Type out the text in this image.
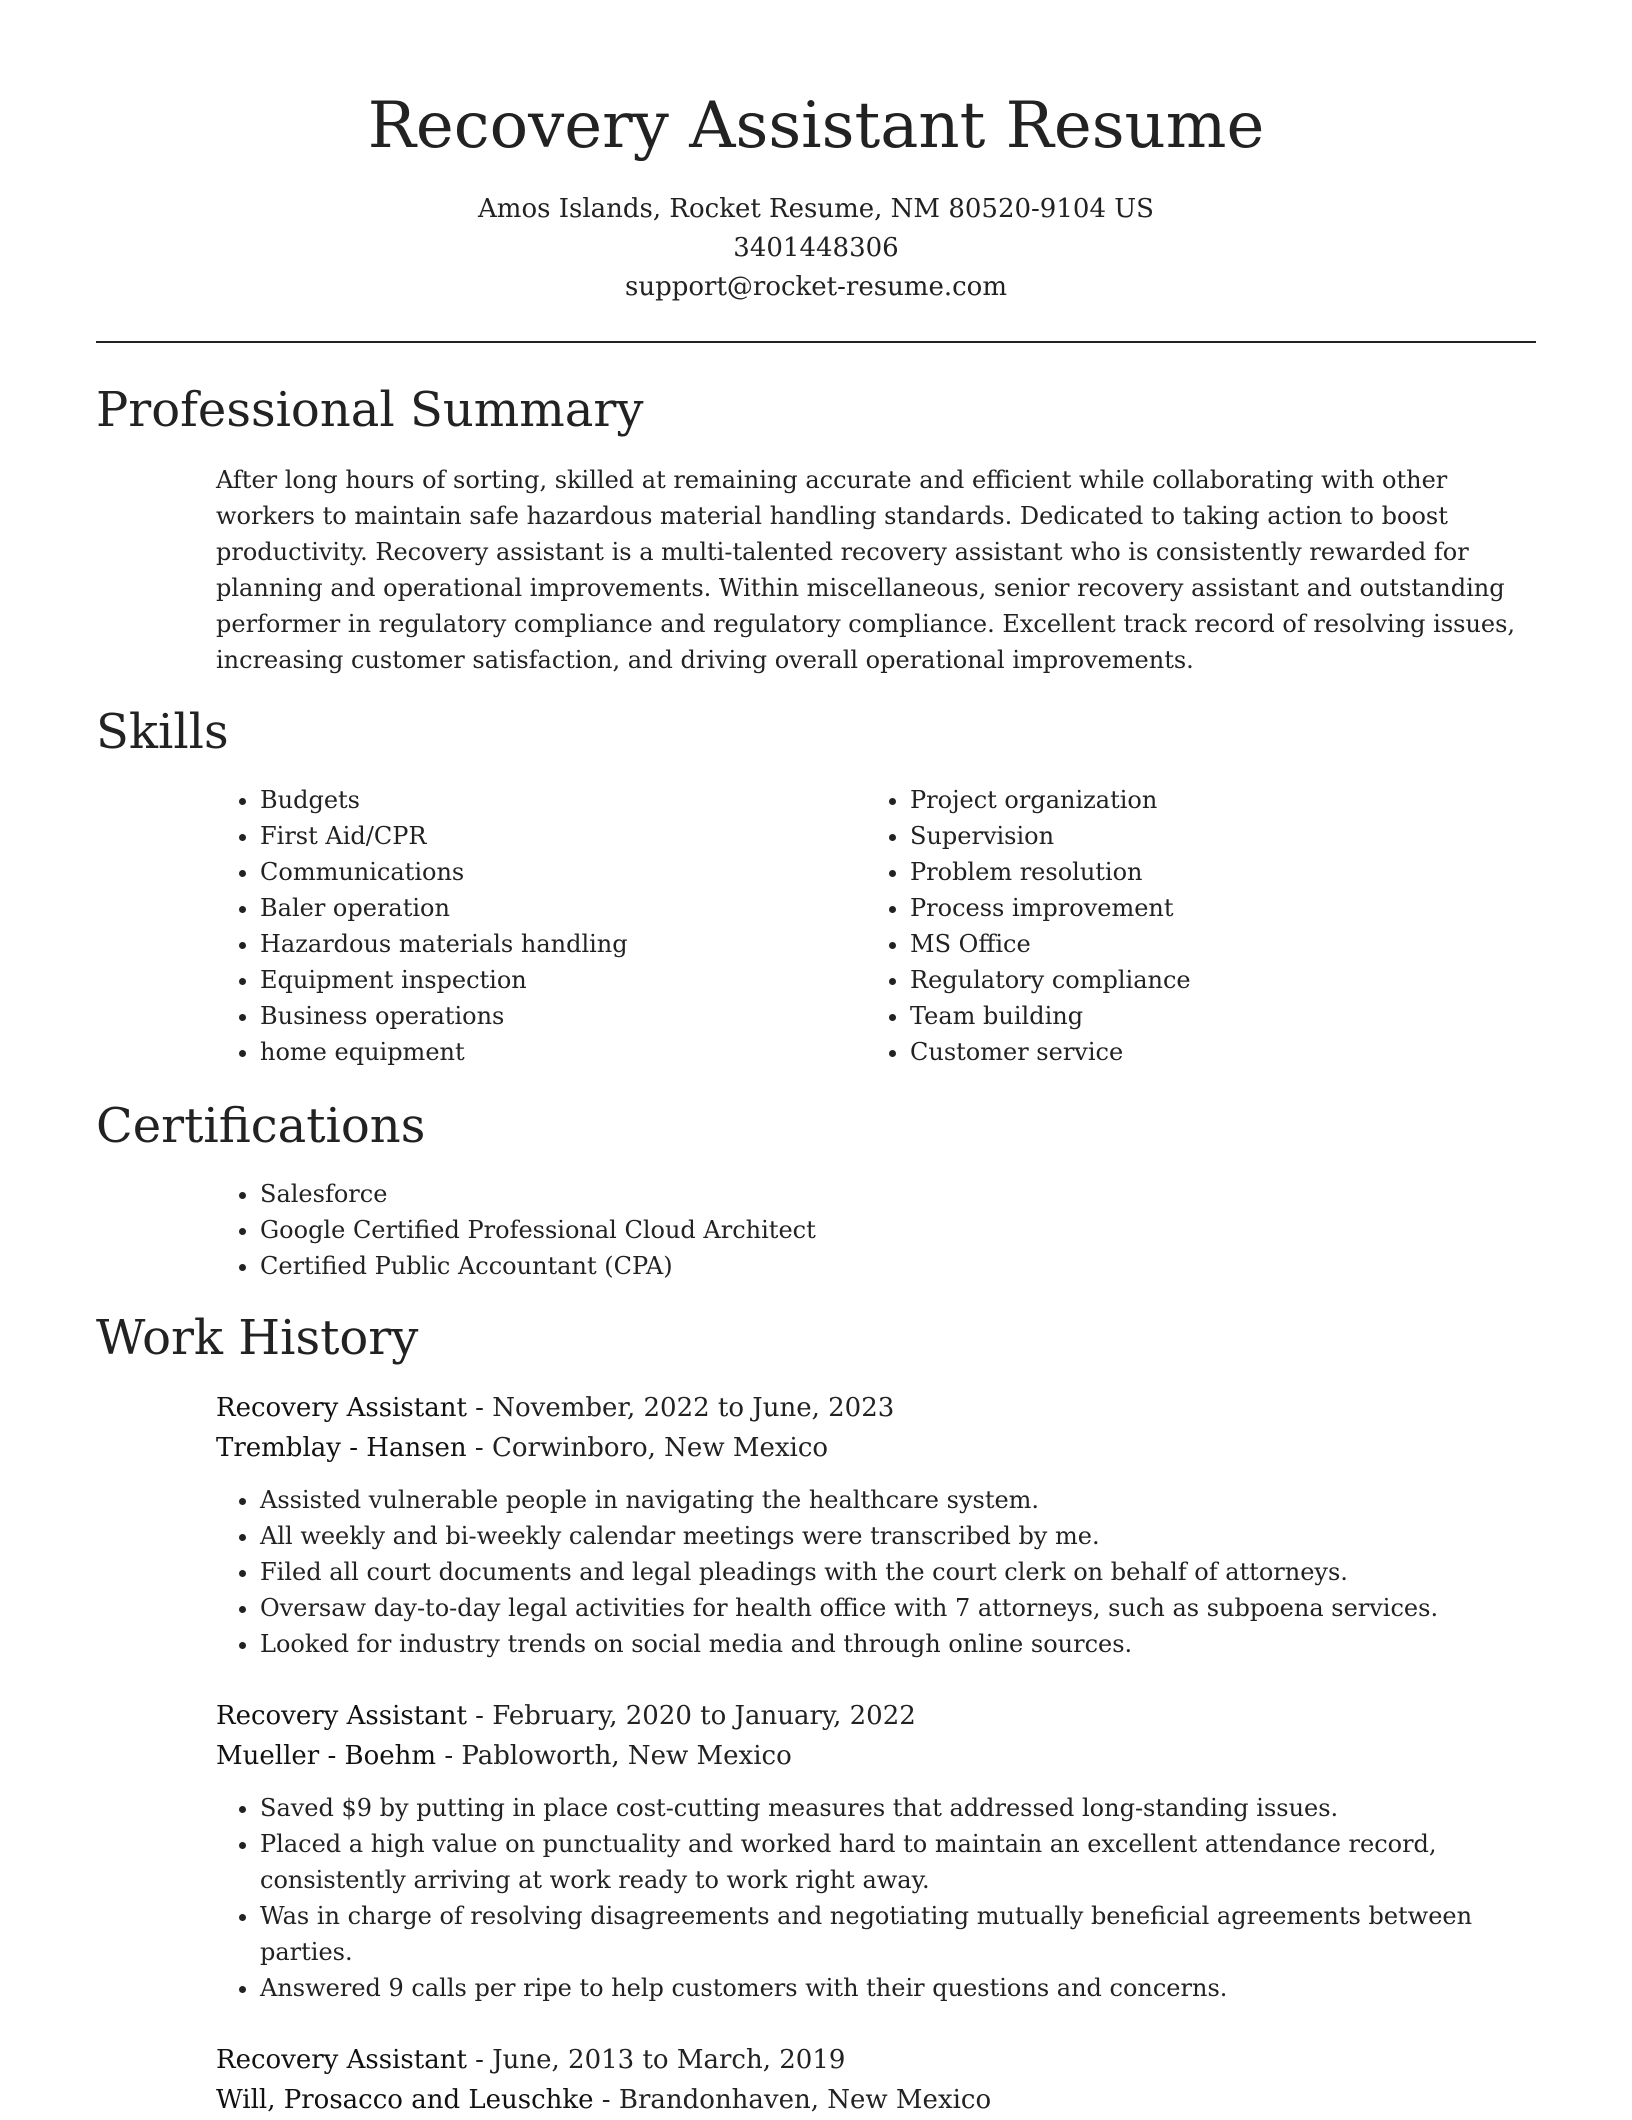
Recovery Assistant Resume
Amos Islands, Rocket Resume, NM 80520-9104 US
3401448306
support@rocket-resume.com
Professional Summary

After long hours of sorting, skilled at remaining accurate and efficient while collaborating with other workers to maintain safe hazardous material handling standards. Dedicated to taking action to boost productivity. Recovery assistant is a multi-talented recovery assistant who is consistently rewarded for planning and operational improvements. Within miscellaneous, senior recovery assistant and outstanding performer in regulatory compliance and regulatory compliance. Excellent track record of resolving issues, increasing customer satisfaction, and driving overall operational improvements.

Skills
• Budgets
• First Aid/CPR
• Communications
• Baler operation
• Hazardous materials handling
• Equipment inspection
• Business operations
• home equipment
• Project organization
• Supervision
• Problem resolution
• Process improvement
• MS Office
• Regulatory compliance
• Team building
• Customer service
Certifications
• Salesforce
• Google Certified Professional Cloud Architect
• Certified Public Accountant (CPA)
Work History
Recovery Assistant - November, 2022 to June, 2023
Tremblay - Hansen - Corwinboro, New Mexico
• Assisted vulnerable people in navigating the healthcare system.
• All weekly and bi-weekly calendar meetings were transcribed by me.
• Filed all court documents and legal pleadings with the court clerk on behalf of attorneys.
• Oversaw day-to-day legal activities for health office with 7 attorneys, such as subpoena services.
• Looked for industry trends on social media and through online sources.
Recovery Assistant - February, 2020 to January, 2022
Mueller - Boehm - Pabloworth, New Mexico
• Saved $9 by putting in place cost-cutting measures that addressed long-standing issues.
• Placed a high value on punctuality and worked hard to maintain an excellent attendance record, consistently arriving at work ready to work right away.
• Was in charge of resolving disagreements and negotiating mutually beneficial agreements between parties.
• Answered 9 calls per ripe to help customers with their questions and concerns.
Recovery Assistant - June, 2013 to March, 2019
Will, Prosacco and Leuschke - Brandonhaven, New Mexico
